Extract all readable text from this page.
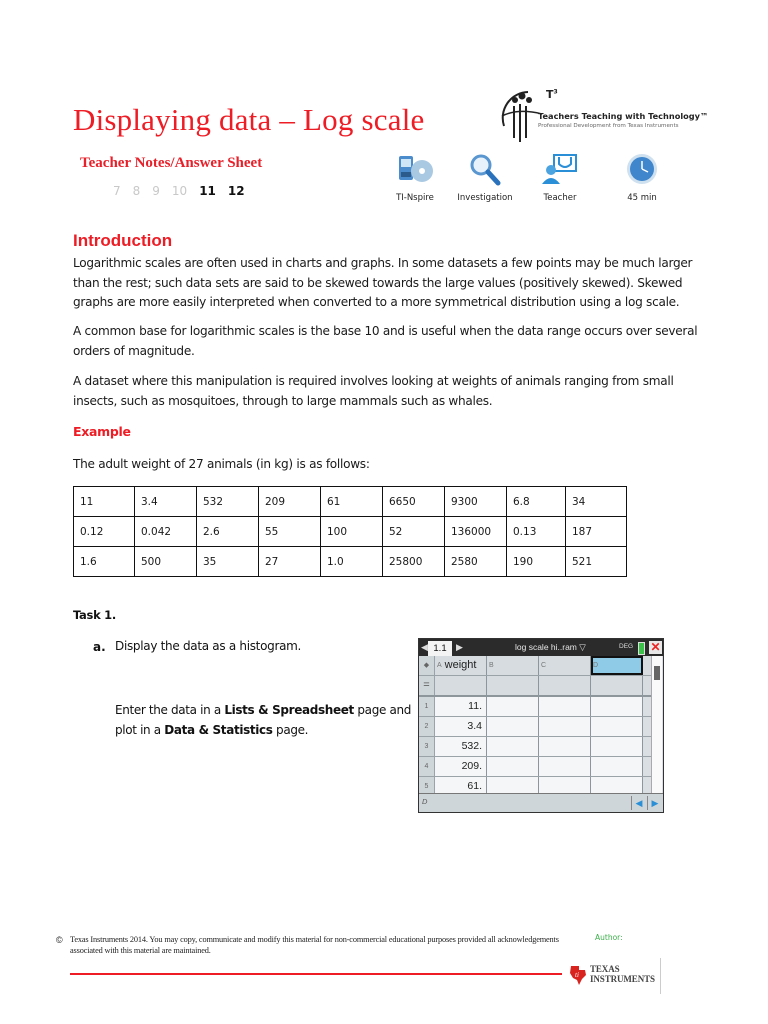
Displaying data – Log scale
Teacher Notes/Answer Sheet
7 8 9 10 11 12
$T^3$
Teachers Teaching with Technology™
Professional Development from Texas Instruments
TI-Nspire	Investigation	Teacher	45 min
Introduction
Logarithmic scales are often used in charts and graphs. In some datasets a few points may be much larger than the rest; such data sets are said to be skewed towards the large values (positively skewed). Skewed graphs are more easily interpreted when converted to a more symmetrical distribution using a log scale.
A common base for logarithmic scales is the base 10 and is useful when the data range occurs over several orders of magnitude.
A dataset where this manipulation is required involves looking at weights of animals ranging from small insects, such as mosquitoes, through to large mammals such as whales.
Example
The adult weight of 27 animals (in kg) is as follows:
11	3.4	532	209	61	6650	9300	6.8	34
0.12	0.042	2.6	55	100	52	136000	0.13	187
1.6	500	35	27	1.0	25800	2580	190	521
Task 1.
a. Display the data as a histogram.
Enter the data in a Lists & Spreadsheet page and plot in a Data & Statistics page.
◀ 1.1	▶	log scale hi..ram ▽	DEG ✕
◆	$^A$ weight	$^B$	$^C$	$^D$
=
1	11.
2	3.4
3	532.
4	209.
5	61.
D	◀	▶
© Texas Instruments 2014. You may copy, communicate and modify this material for non-commercial educational purposes provided all acknowledgements associated with this material are maintained.
Author:
ti
TEXAS
INSTRUMENTS
